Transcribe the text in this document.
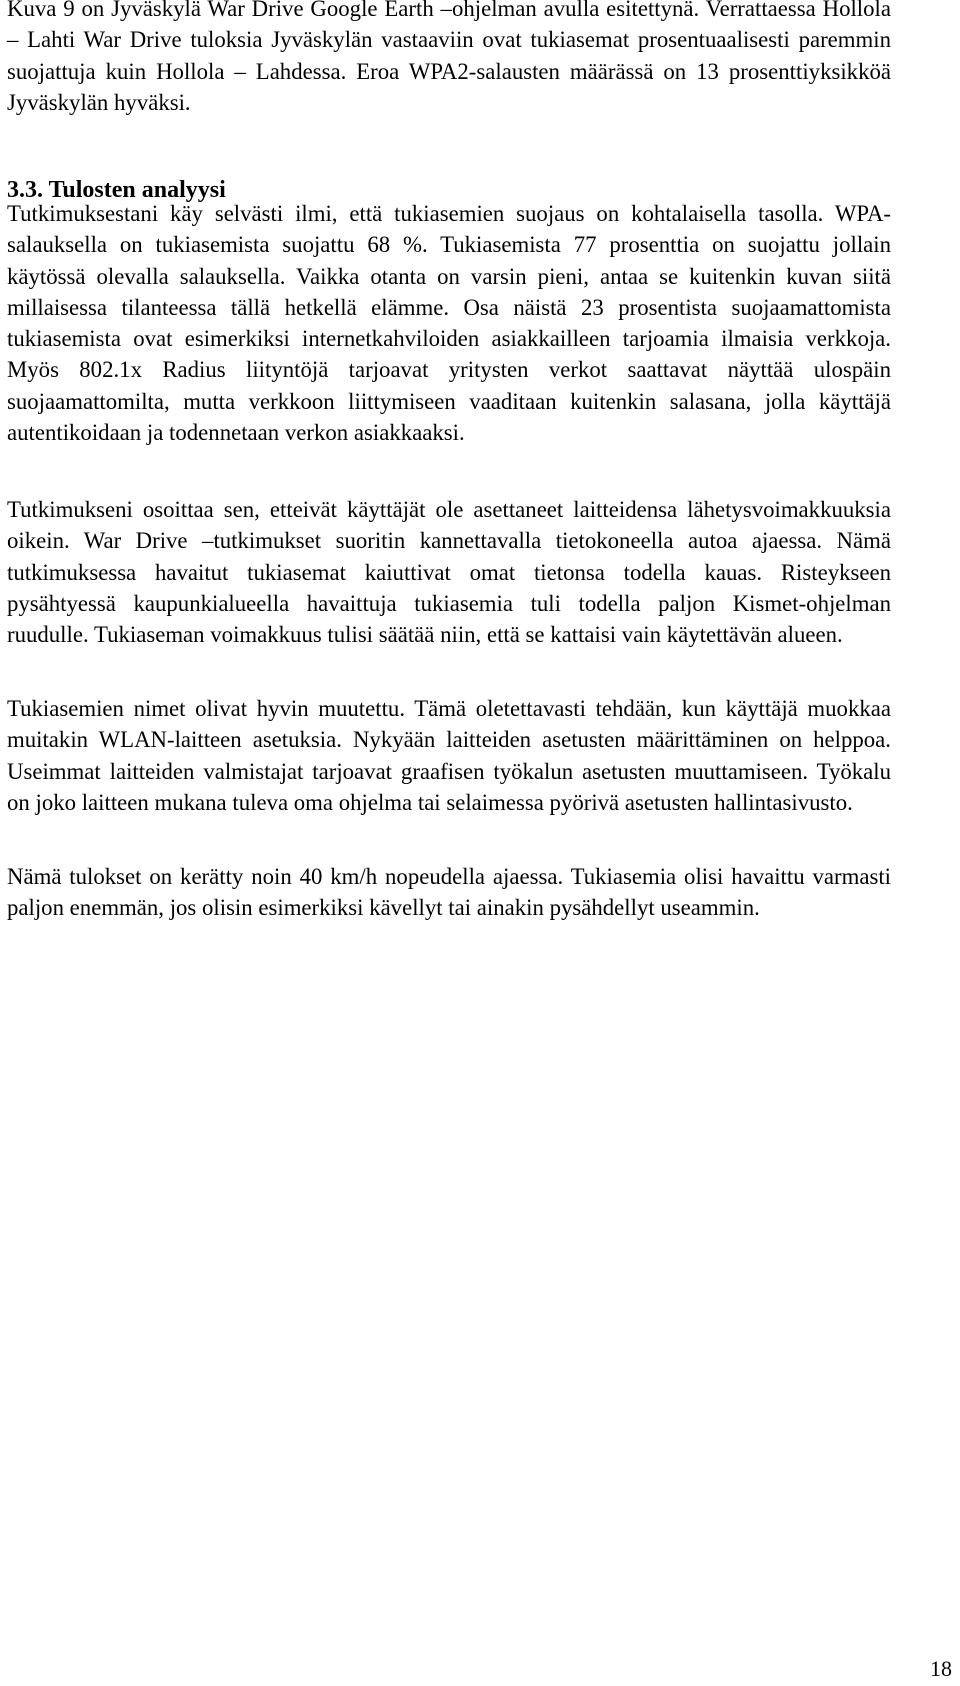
Kuva 9 on Jyväskylä War Drive Google Earth –ohjelman avulla esitettynä. Verrattaessa Hollola – Lahti War Drive tuloksia Jyväskylän vastaaviin ovat tukiasemat prosentuaalisesti paremmin suojattuja kuin Hollola – Lahdessa. Eroa WPA2-salausten määrässä on 13 prosenttiyksikköä Jyväskylän hyväksi.

3.3. Tulosten analyysi

Tutkimuksestani käy selvästi ilmi, että tukiasemien suojaus on kohtalaisella tasolla. WPA-salauksella on tukiasemista suojattu 68 %. Tukiasemista 77 prosenttia on suojattu jollain käytössä olevalla salauksella. Vaikka otanta on varsin pieni, antaa se kuitenkin kuvan siitä millaisessa tilanteessa tällä hetkellä elämme. Osa näistä 23 prosentista suojaamattomista tukiasemista ovat esimerkiksi internetkahviloiden asiakkailleen tarjoamia ilmaisia verkkoja. Myös 802.1x Radius liityntöjä tarjoavat yritysten verkot saattavat näyttää ulospäin suojaamattomilta, mutta verkkoon liittymiseen vaaditaan kuitenkin salasana, jolla käyttäjä autentikoidaan ja todennetaan verkon asiakkaaksi.

Tutkimukseni osoittaa sen, etteivät käyttäjät ole asettaneet laitteidensa lähetysvoimakkuuksia oikein. War Drive –tutkimukset suoritin kannettavalla tietokoneella autoa ajaessa. Nämä tutkimuksessa havaitut tukiasemat kaiuttivat omat tietonsa todella kauas. Risteykseen pysähtyessä kaupunkialueella havaittuja tukiasemia tuli todella paljon Kismet-ohjelman ruudulle. Tukiaseman voimakkuus tulisi säätää niin, että se kattaisi vain käytettävän alueen.

Tukiasemien nimet olivat hyvin muutettu. Tämä oletettavasti tehdään, kun käyttäjä muokkaa muitakin WLAN-laitteen asetuksia. Nykyään laitteiden asetusten määrittäminen on helppoa. Useimmat laitteiden valmistajat tarjoavat graafisen työkalun asetusten muuttamiseen. Työkalu on joko laitteen mukana tuleva oma ohjelma tai selaimessa pyörivä asetusten hallintasivusto.

Nämä tulokset on kerätty noin 40 km/h nopeudella ajaessa. Tukiasemia olisi havaittu varmasti paljon enemmän, jos olisin esimerkiksi kävellyt tai ainakin pysähdellyt useammin.

18
